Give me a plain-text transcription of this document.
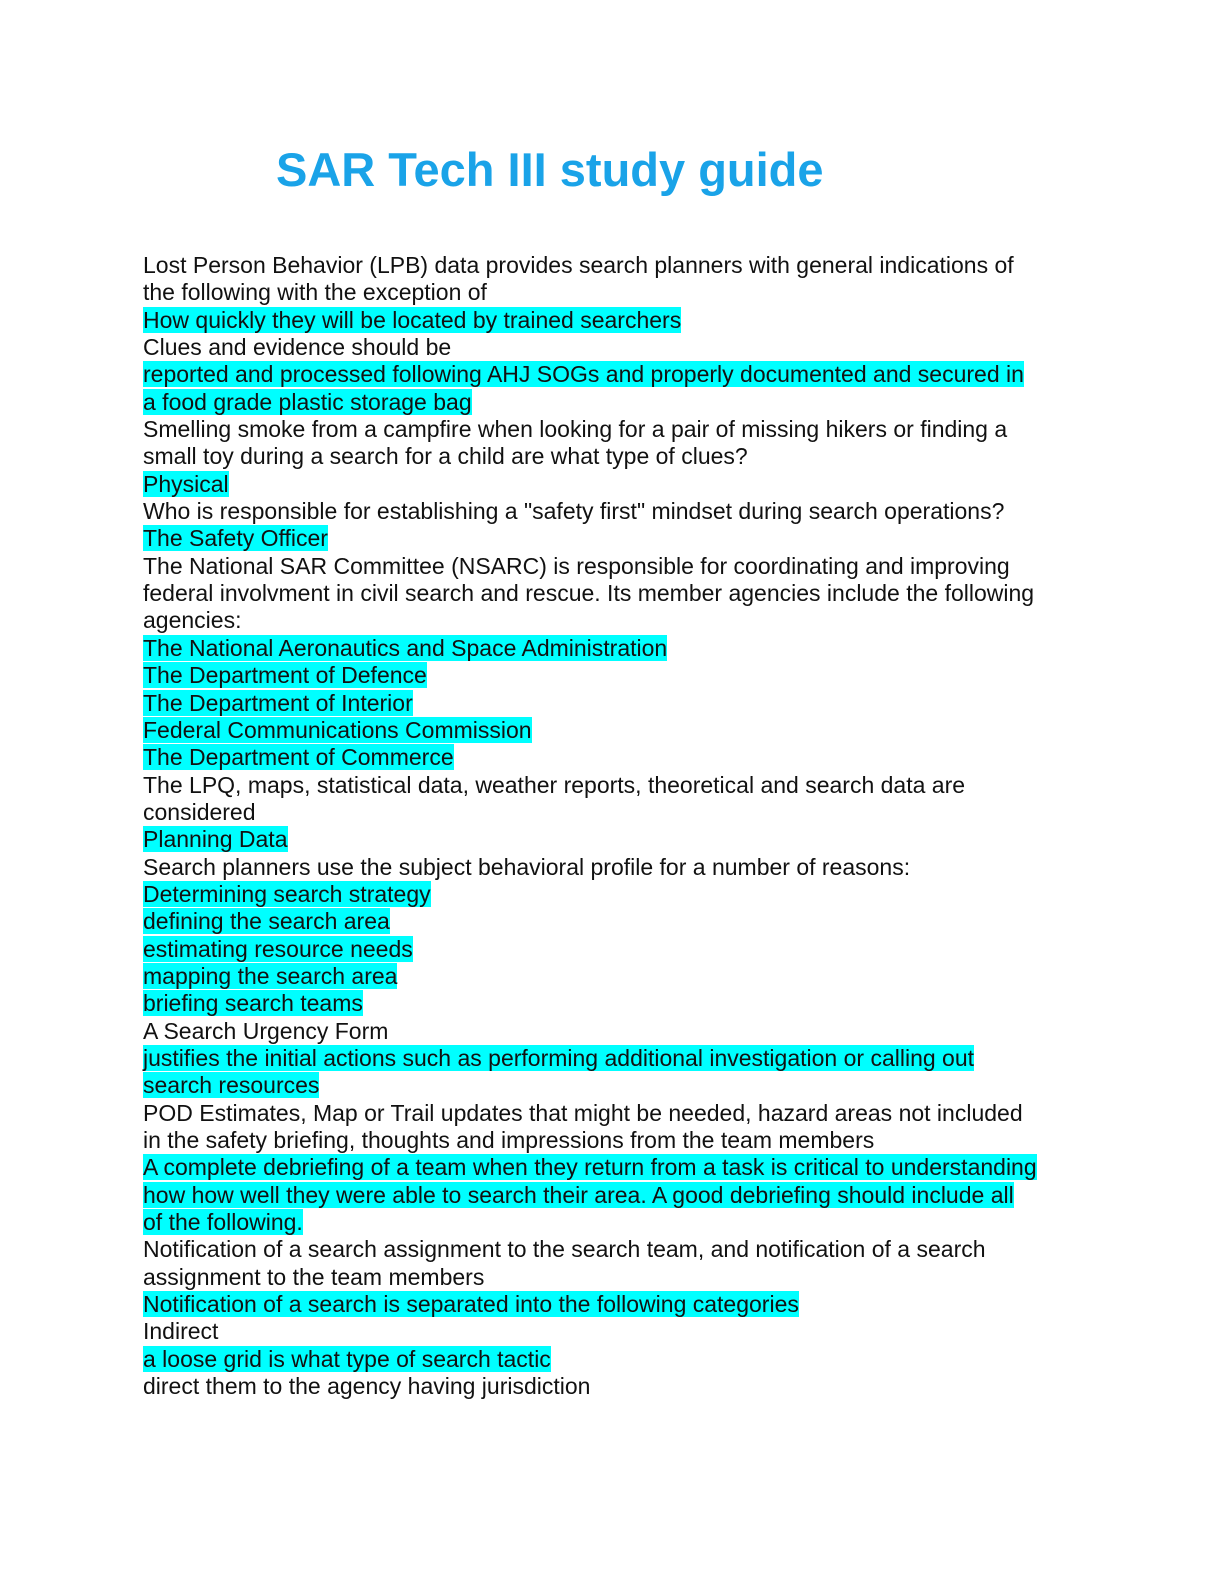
SAR Tech III study guide
Lost Person Behavior (LPB) data provides search planners with general indications of
the following with the exception of
How quickly they will be located by trained searchers
Clues and evidence should be
reported and processed following AHJ SOGs and properly documented and secured in
a food grade plastic storage bag
Smelling smoke from a campfire when looking for a pair of missing hikers or finding a
small toy during a search for a child are what type of clues?
Physical
Who is responsible for establishing a "safety first" mindset during search operations?
The Safety Officer
The National SAR Committee (NSARC) is responsible for coordinating and improving
federal involvment in civil search and rescue. Its member agencies include the following
agencies:
The National Aeronautics and Space Administration
The Department of Defence
The Department of Interior
Federal Communications Commission
The Department of Commerce
The LPQ, maps, statistical data, weather reports, theoretical and search data are
considered
Planning Data
Search planners use the subject behavioral profile for a number of reasons:
Determining search strategy
defining the search area
estimating resource needs
mapping the search area
briefing search teams
A Search Urgency Form
justifies the initial actions such as performing additional investigation or calling out
search resources
POD Estimates, Map or Trail updates that might be needed, hazard areas not included
in the safety briefing, thoughts and impressions from the team members
A complete debriefing of a team when they return from a task is critical to understanding
how how well they were able to search their area. A good debriefing should include all
of the following.
Notification of a search assignment to the search team, and notification of a search
assignment to the team members
Notification of a search is separated into the following categories
Indirect
a loose grid is what type of search tactic
direct them to the agency having jurisdiction
